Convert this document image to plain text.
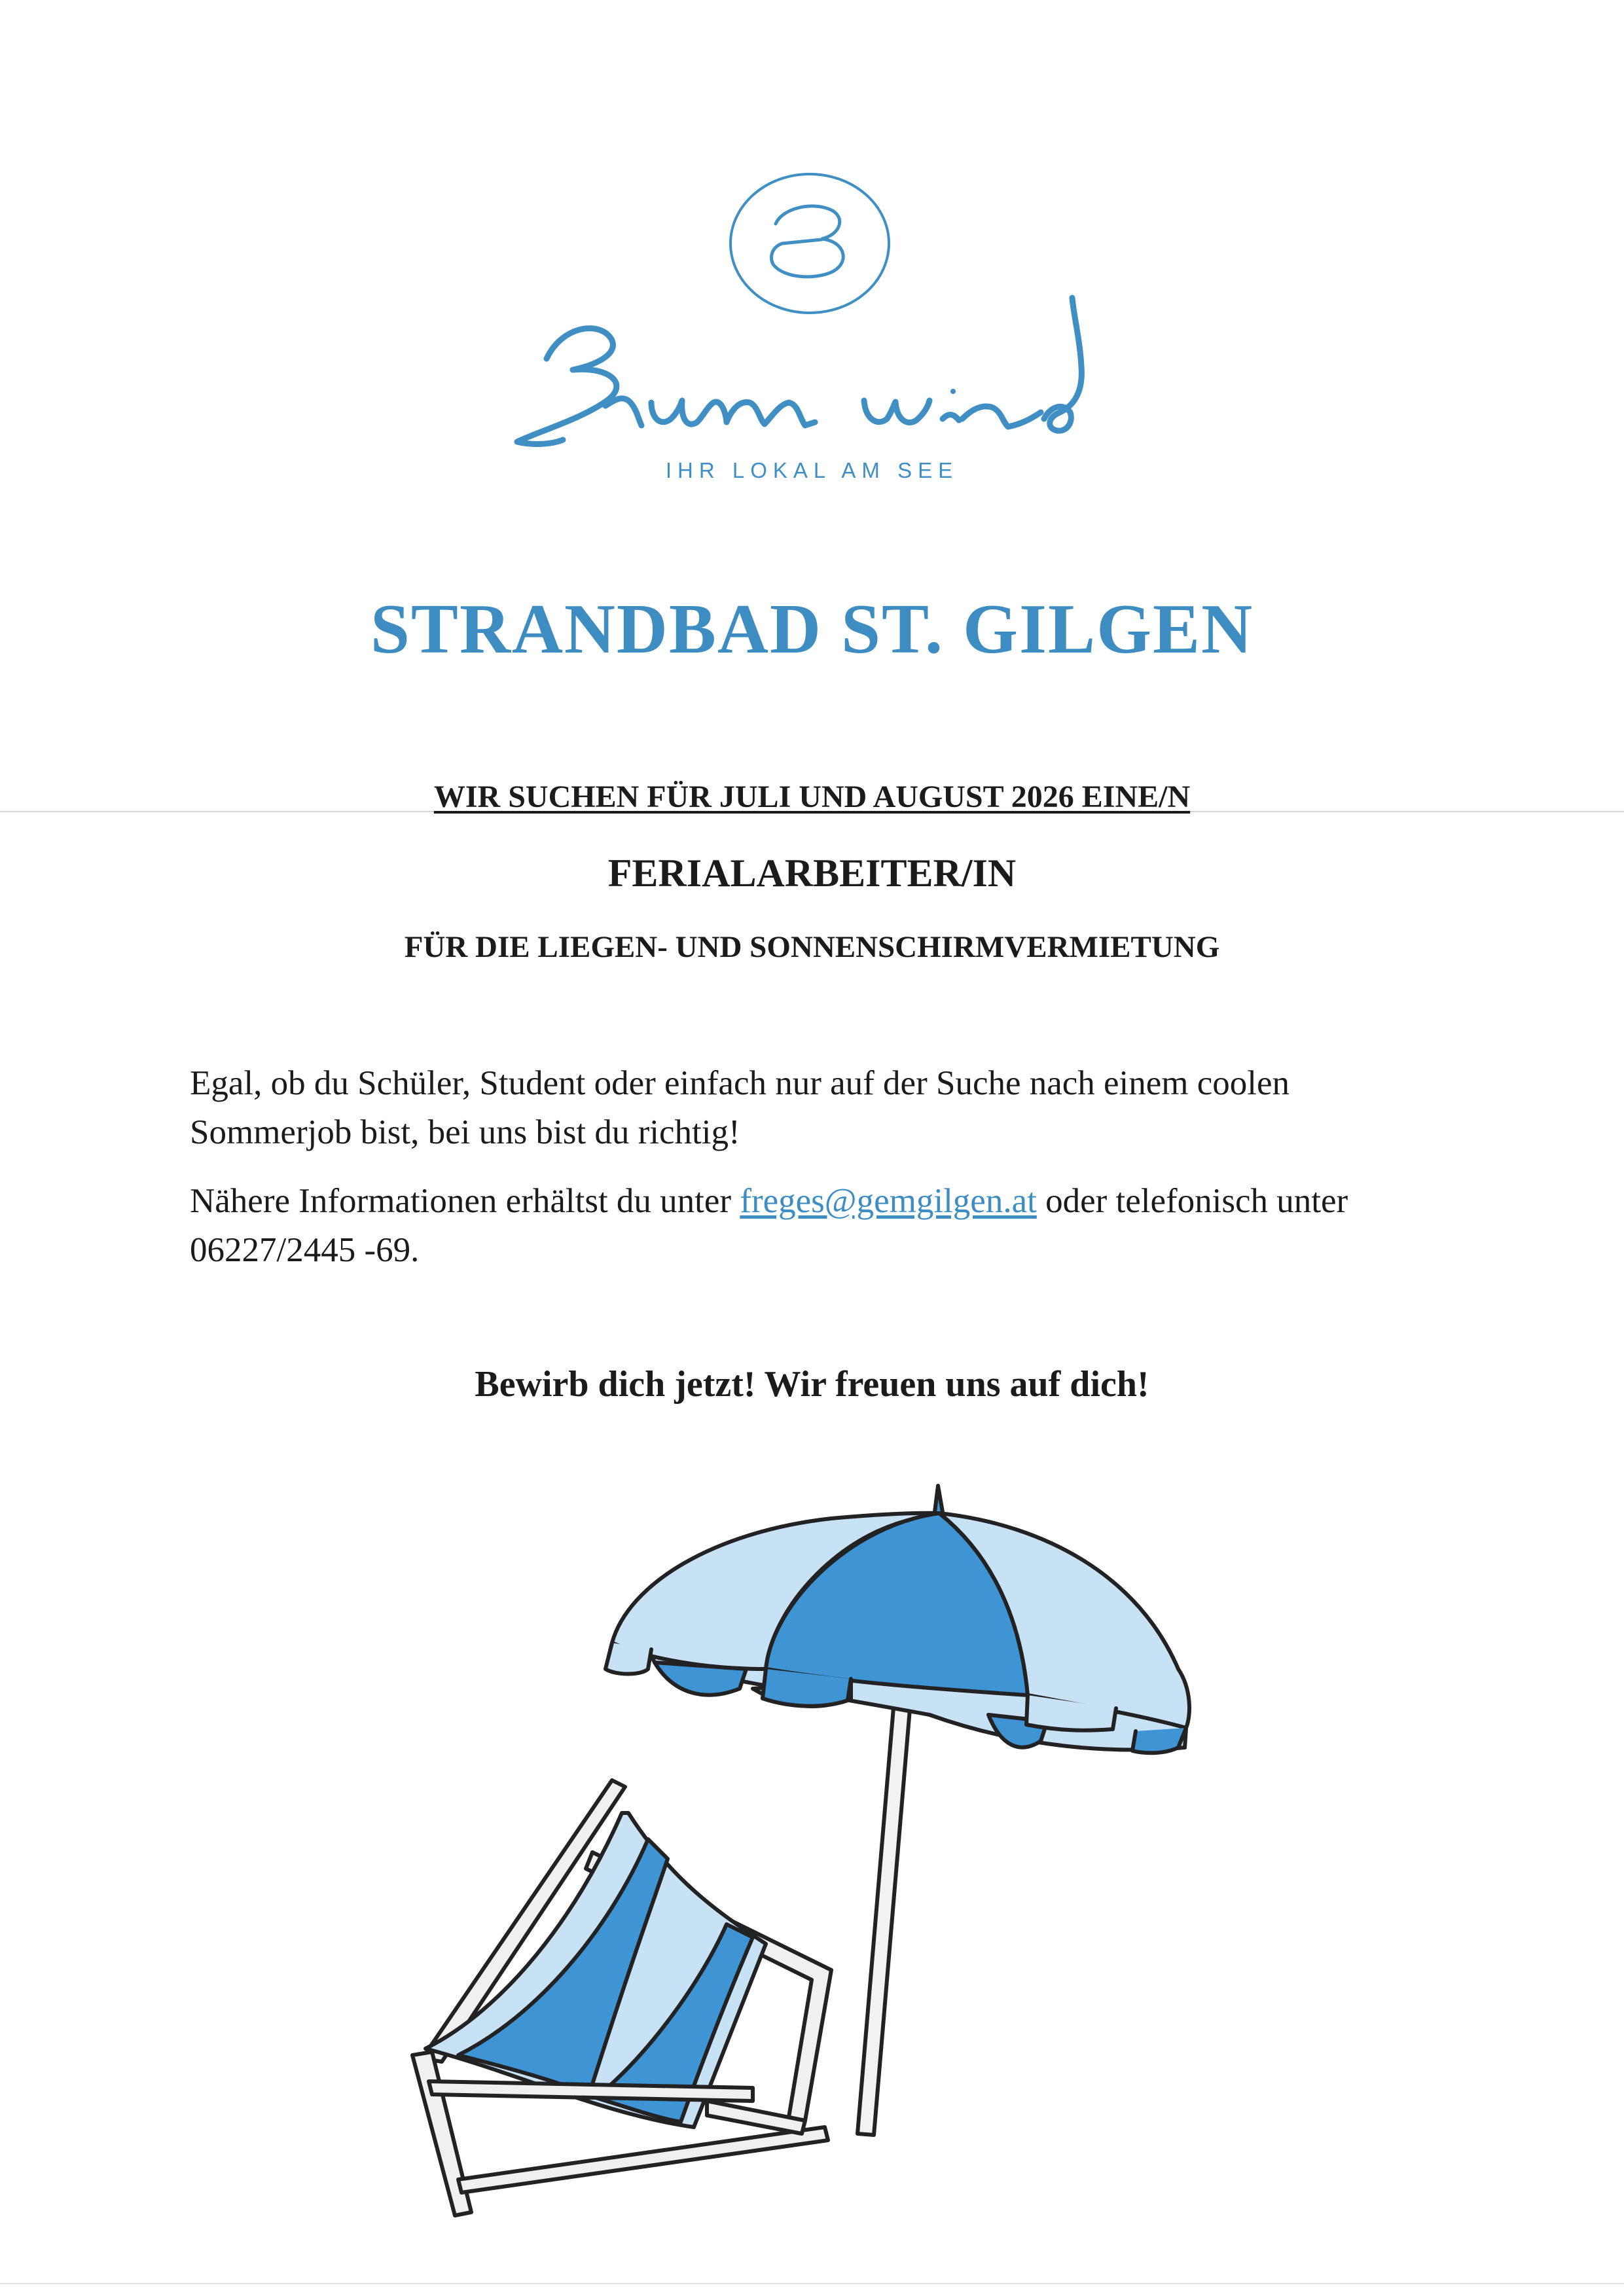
IHR LOKAL AM SEE
STRANDBAD ST. GILGEN
WIR SUCHEN FÜR JULI UND AUGUST 2026 EINE/N
FERIALARBEITER/IN
FÜR DIE LIEGEN- UND SONNENSCHIRMVERMIETUNG

Egal, ob du Schüler, Student oder einfach nur auf der Suche nach einem coolen Sommerjob bist, bei uns bist du richtig!

Nähere Informationen erhältst du unter freges@gemgilgen.at oder telefonisch unter 06227/2445 -69.

Bewirb dich jetzt! Wir freuen uns auf dich!
